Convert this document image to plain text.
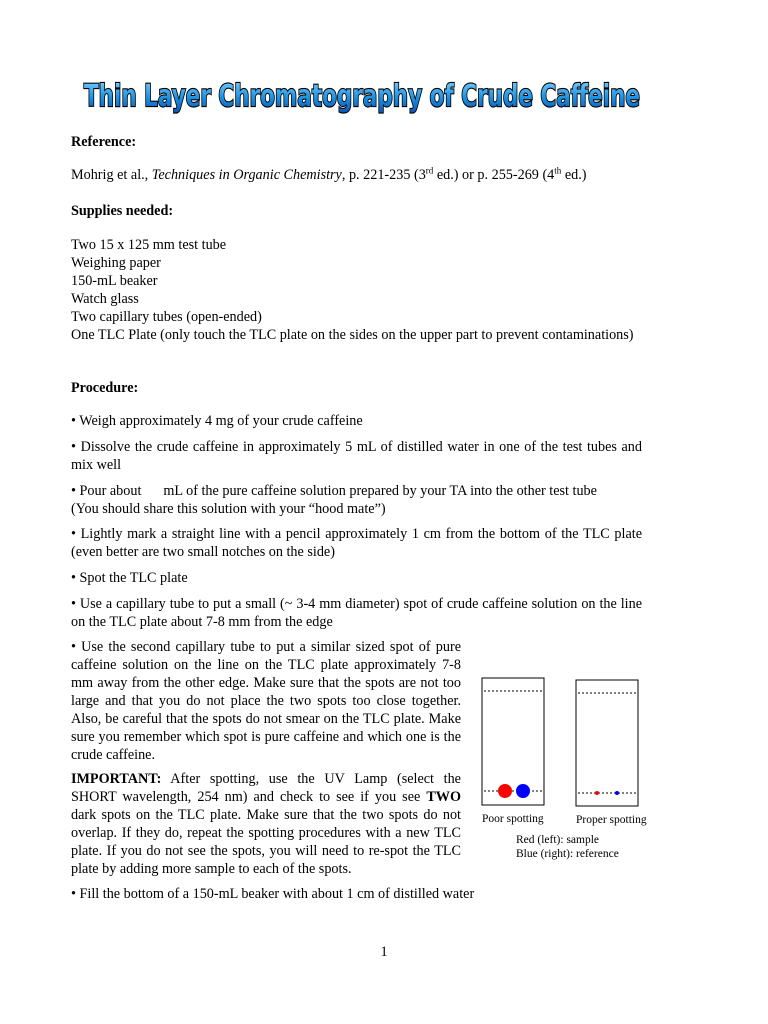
Thin Layer Chromatography of Crude Caffeine
Reference:
Mohrig et al., Techniques in Organic Chemistry, p. 221-235 (3rd ed.) or p. 255-269 (4th ed.)
Supplies needed:
Two 15 x 125 mm test tube
Weighing paper
150-mL beaker
Watch glass
Two capillary tubes (open-ended)
One TLC Plate (only touch the TLC plate on the sides on the upper part to prevent contaminations)
Procedure:
• Weigh approximately 4 mg of your crude caffeine
• Dissolve the crude caffeine in approximately 5 mL of distilled water in one of the test tubes and mix well
• Pour about mL of the pure caffeine solution prepared by your TA into the other test tube
(You should share this solution with your “hood mate”)
• Lightly mark a straight line with a pencil approximately 1 cm from the bottom of the TLC plate (even better are two small notches on the side)
• Spot the TLC plate
• Use a capillary tube to put a small (~ 3-4 mm diameter) spot of crude caffeine solution on the line on the TLC plate about 7-8 mm from the edge
• Use the second capillary tube to put a similar sized spot of pure caffeine solution on the line on the TLC plate approximately 7-8 mm away from the other edge. Make sure that the spots are not too large and that you do not place the two spots too close together. Also, be careful that the spots do not smear on the TLC plate. Make sure you remember which spot is pure caffeine and which one is the crude caffeine.
IMPORTANT: After spotting, use the UV Lamp (select the SHORT wavelength, 254 nm) and check to see if you see TWO dark spots on the TLC plate. Make sure that the two spots do not overlap. If they do, repeat the spotting procedures with a new TLC plate. If you do not see the spots, you will need to re-spot the TLC plate by adding more sample to each of the spots.
• Fill the bottom of a 150-mL beaker with about 1 cm of distilled water
Poor spotting	Proper spotting
Red (left): sample
Blue (right): reference
1
